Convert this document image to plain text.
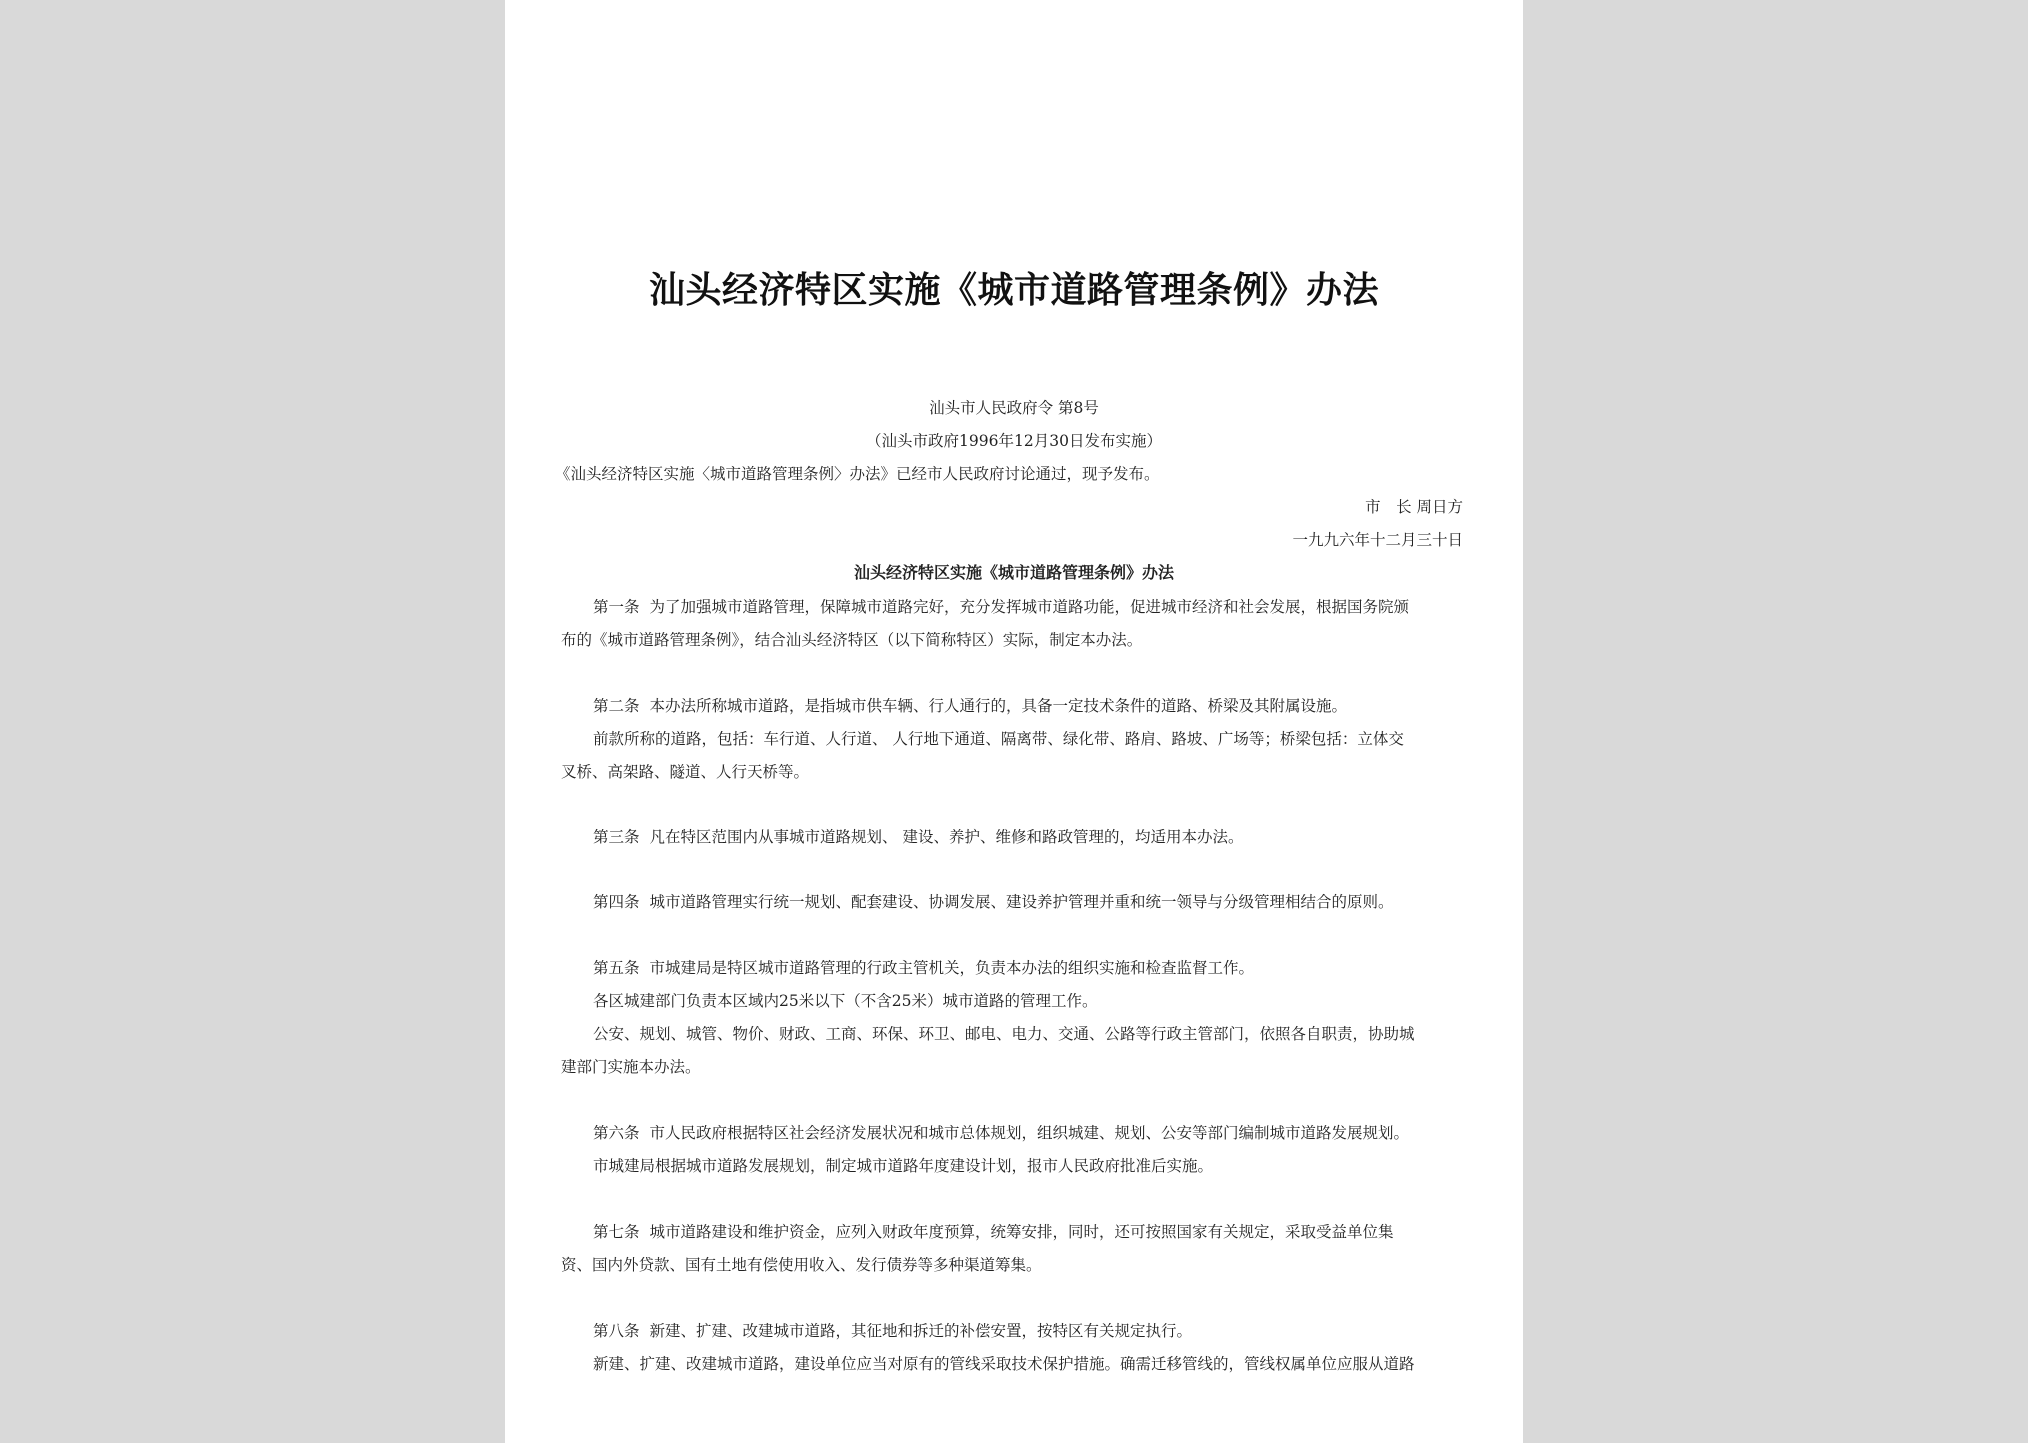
汕头经济特区实施《城市道路管理条例》办法
汕头市人民政府令 第8号
（汕头市政府1996年12月30日发布实施）
《汕头经济特区实施〈城市道路管理条例〉办法》已经市人民政府讨论通过，现予发布。
市　长 周日方
一九九六年十二月三十日
汕头经济特区实施《城市道路管理条例》办法
第一条 为了加强城市道路管理，保障城市道路完好，充分发挥城市道路功能，促进城市经济和社会发展，根据国务院颁
布的《城市道路管理条例》，结合汕头经济特区（以下简称特区）实际，制定本办法。
第二条 本办法所称城市道路，是指城市供车辆、行人通行的，具备一定技术条件的道路、桥梁及其附属设施。
前款所称的道路，包括：车行道、人行道、 人行地下通道、隔离带、绿化带、路肩、路坡、广场等；桥梁包括：立体交
叉桥、高架路、隧道、人行天桥等。
第三条 凡在特区范围内从事城市道路规划、 建设、养护、维修和路政管理的，均适用本办法。
第四条 城市道路管理实行统一规划、配套建设、协调发展、建设养护管理并重和统一领导与分级管理相结合的原则。
第五条 市城建局是特区城市道路管理的行政主管机关，负责本办法的组织实施和检查监督工作。
各区城建部门负责本区域内25米以下（不含25米）城市道路的管理工作。
公安、规划、城管、物价、财政、工商、环保、环卫、邮电、电力、交通、公路等行政主管部门，依照各自职责，协助城
建部门实施本办法。
第六条 市人民政府根据特区社会经济发展状况和城市总体规划，组织城建、规划、公安等部门编制城市道路发展规划。
市城建局根据城市道路发展规划，制定城市道路年度建设计划，报市人民政府批准后实施。
第七条 城市道路建设和维护资金，应列入财政年度预算，统筹安排，同时，还可按照国家有关规定，采取受益单位集
资、国内外贷款、国有土地有偿使用收入、发行债券等多种渠道筹集。
第八条 新建、扩建、改建城市道路，其征地和拆迁的补偿安置，按特区有关规定执行。
新建、扩建、改建城市道路，建设单位应当对原有的管线采取技术保护措施。确需迁移管线的，管线权属单位应服从道路
